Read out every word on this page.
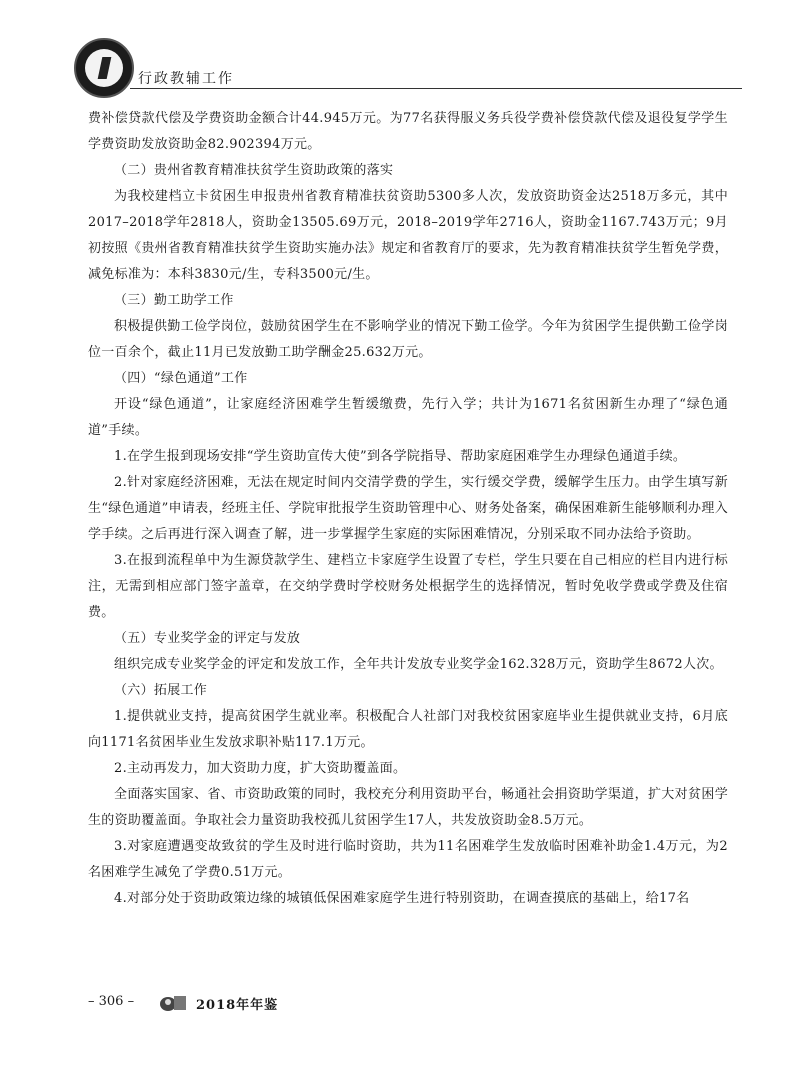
行政教辅工作

费补偿贷款代偿及学费资助金额合计44.945万元。为77名获得服义务兵役学费补偿贷款代偿及退役复学学生学费资助发放资助金82.902394万元。

（二）贵州省教育精准扶贫学生资助政策的落实

为我校建档立卡贫困生申报贵州省教育精准扶贫资助5300多人次，发放资助资金达2518万多元，其中2017–2018学年2818人，资助金13505.69万元，2018–2019学年2716人，资助金1167.743万元；9月初按照《贵州省教育精准扶贫学生资助实施办法》规定和省教育厅的要求，先为教育精准扶贫学生暂免学费，减免标准为：本科3830元/生，专科3500元/生。

（三）勤工助学工作

积极提供勤工俭学岗位，鼓励贫困学生在不影响学业的情况下勤工俭学。今年为贫困学生提供勤工俭学岗位一百余个，截止11月已发放勤工助学酬金25.632万元。

（四）“绿色通道”工作

开设“绿色通道”，让家庭经济困难学生暂缓缴费，先行入学；共计为1671名贫困新生办理了“绿色通道”手续。

1.在学生报到现场安排“学生资助宣传大使”到各学院指导、帮助家庭困难学生办理绿色通道手续。

2.针对家庭经济困难，无法在规定时间内交清学费的学生，实行缓交学费，缓解学生压力。由学生填写新生“绿色通道”申请表，经班主任、学院审批报学生资助管理中心、财务处备案，确保困难新生能够顺利办理入学手续。之后再进行深入调查了解，进一步掌握学生家庭的实际困难情况，分别采取不同办法给予资助。

3.在报到流程单中为生源贷款学生、建档立卡家庭学生设置了专栏，学生只要在自己相应的栏目内进行标注，无需到相应部门签字盖章，在交纳学费时学校财务处根据学生的选择情况，暂时免收学费或学费及住宿费。

（五）专业奖学金的评定与发放

组织完成专业奖学金的评定和发放工作，全年共计发放专业奖学金162.328万元，资助学生8672人次。

（六）拓展工作

1.提供就业支持，提高贫困学生就业率。积极配合人社部门对我校贫困家庭毕业生提供就业支持，6月底向1171名贫困毕业生发放求职补贴117.1万元。

2.主动再发力，加大资助力度，扩大资助覆盖面。

全面落实国家、省、市资助政策的同时，我校充分利用资助平台，畅通社会捐资助学渠道，扩大对贫困学生的资助覆盖面。争取社会力量资助我校孤儿贫困学生17人，共发放资助金8.5万元。

3.对家庭遭遇变故致贫的学生及时进行临时资助，共为11名困难学生发放临时困难补助金1.4万元，为2名困难学生减免了学费0.51万元。

4.对部分处于资助政策边缘的城镇低保困难家庭学生进行特别资助，在调查摸底的基础上，给17名

– 306 –	2018年年鉴
